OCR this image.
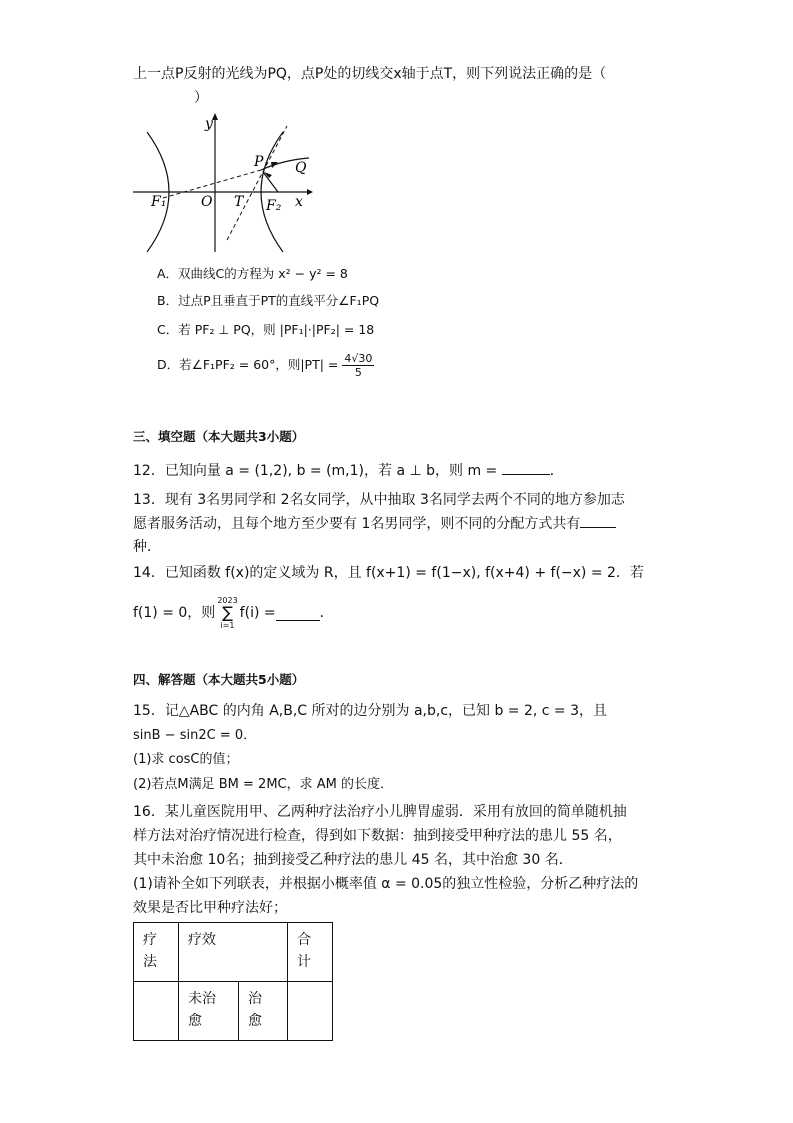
上一点P反射的光线为PQ，点P处的切线交x轴于点T，则下列说法正确的是（
）
y
x
O
F₁	F₂
T
P Q
A．双曲线C的方程为 x² − y² = 8
B．过点P且垂直于PT的直线平分∠F₁PQ
C．若 PF₂ ⊥ PQ，则 |PF₁|·|PF₂| = 18
D．若∠F₁PF₂ = 60°，则$|PT| = \frac{4√30}{5}$
三、填空题（本大题共3小题）
12．已知向量 a = (1,2), b = (m,1)，若 a ⊥ b，则 m =	．
13．现有 3名男同学和 2名女同学，从中抽取 3名同学去两个不同的地方参加志
愿者服务活动，且每个地方至少要有 1名男同学，则不同的分配方式共有
种．
14．已知函数 f(x)的定义域为 R，且 f(x+1) = f(1−x), f(x+4) + f(−x) = 2．若
f(1) = 0，则
2023
∑
i=1
f(i) =	．
四、解答题（本大题共5小题）
15．记△ABC 的内角 A,B,C 所对的边分别为 a,b,c，已知 b = 2, c = 3，且
sinB − sin2C = 0．
(1)求 cosC的值；
(2)若点M满足 BM = 2MC，求 AM 的长度．
16．某儿童医院用甲、乙两种疗法治疗小儿脾胃虚弱．采用有放回的简单随机抽
样方法对治疗情况进行检查，得到如下数据：抽到接受甲种疗法的患儿 55 名，
其中未治愈 10名；抽到接受乙种疗法的患儿 45 名，其中治愈 30 名．
(1)请补全如下列联表，并根据小概率值 α = 0.05的独立性检验，分析乙种疗法的
效果是否比甲种疗法好；
疗法	疗效		合计

	未治愈	治愈	
